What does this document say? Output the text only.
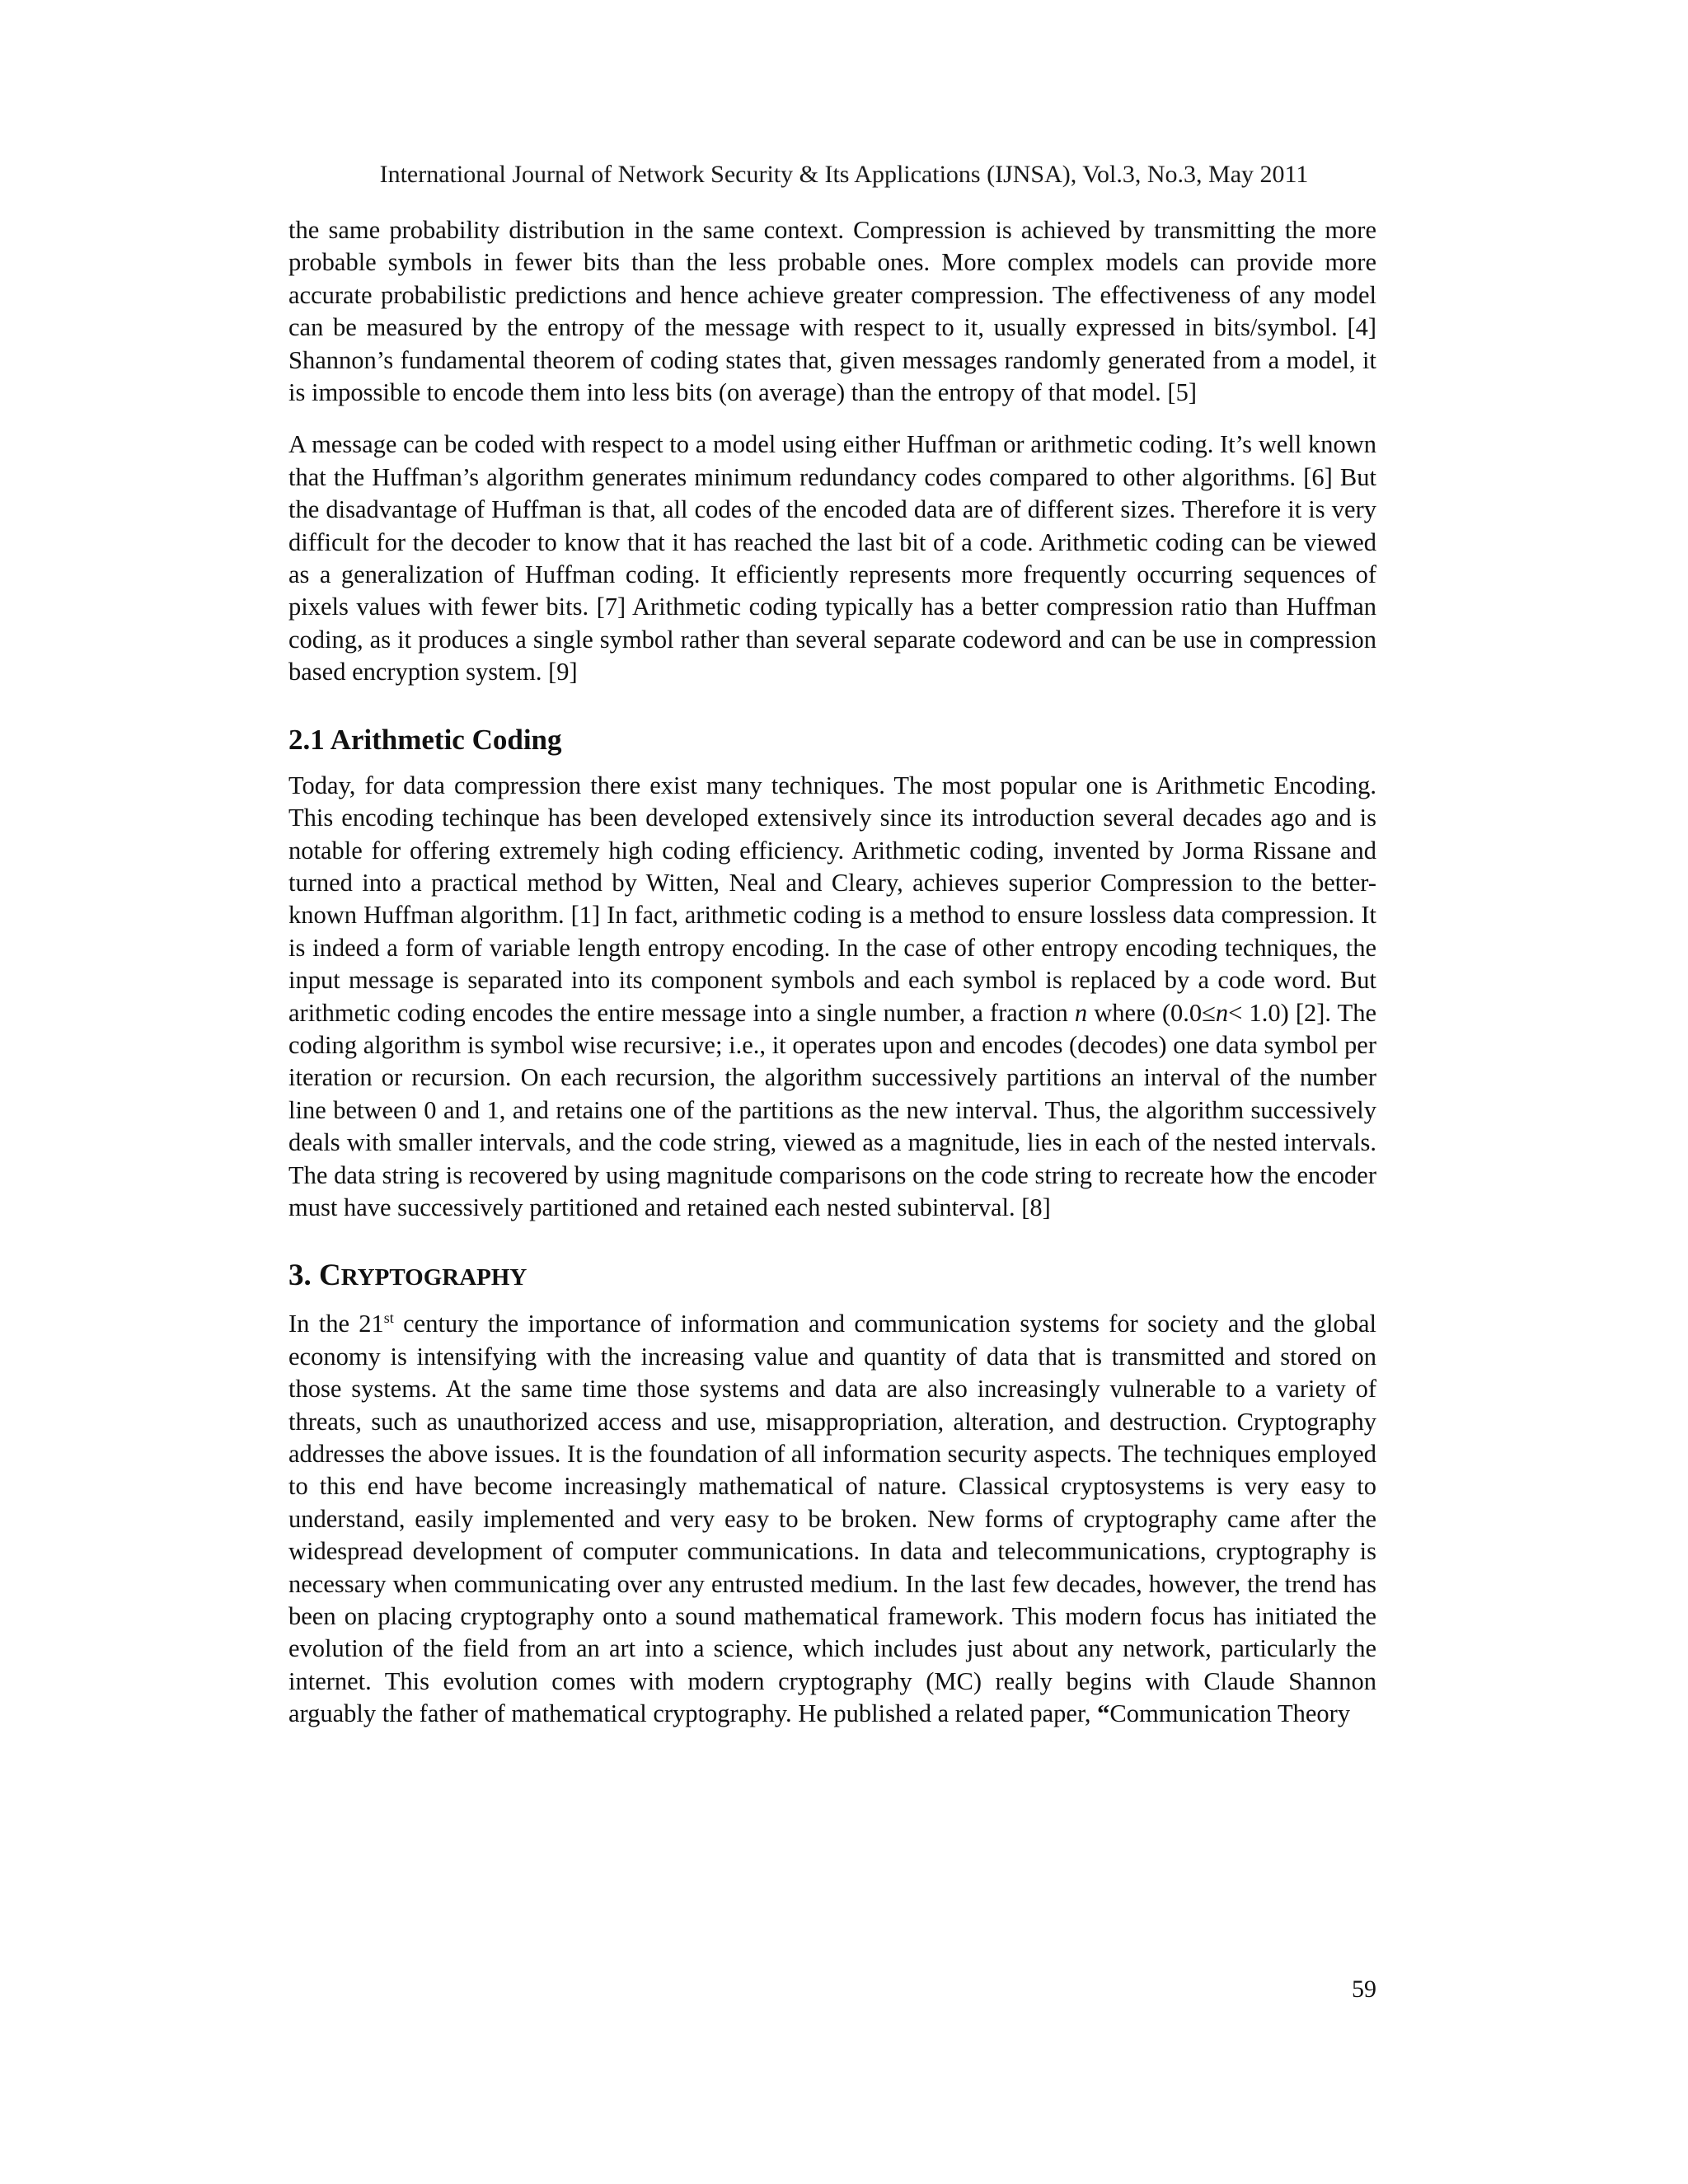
International Journal of Network Security & Its Applications (IJNSA), Vol.3, No.3, May 2011

the same probability distribution in the same context. Compression is achieved by transmitting the more probable symbols in fewer bits than the less probable ones. More complex models can provide more accurate probabilistic predictions and hence achieve greater compression. The effectiveness of any model can be measured by the entropy of the message with respect to it, usually expressed in bits/symbol. [4] Shannon’s fundamental theorem of coding states that, given messages randomly generated from a model, it is impossible to encode them into less bits (on average) than the entropy of that model. [5]

A message can be coded with respect to a model using either Huffman or arithmetic coding. It’s well known that the Huffman’s algorithm generates minimum redundancy codes compared to other algorithms. [6] But the disadvantage of Huffman is that, all codes of the encoded data are of different sizes. Therefore it is very difficult for the decoder to know that it has reached the last bit of a code. Arithmetic coding can be viewed as a generalization of Huffman coding. It efficiently represents more frequently occurring sequences of pixels values with fewer bits. [7] Arithmetic coding typically has a better compression ratio than Huffman coding, as it produces a single symbol rather than several separate codeword and can be use in compression based encryption system. [9]

2.1 Arithmetic Coding

Today, for data compression there exist many techniques. The most popular one is Arithmetic Encoding. This encoding techinque has been developed extensively since its introduction several decades ago and is notable for offering extremely high coding efficiency. Arithmetic coding, invented by Jorma Rissane and turned into a practical method by Witten, Neal and Cleary, achieves superior Compression to the better-known Huffman algorithm. [1] In fact, arithmetic coding is a method to ensure lossless data compression. It is indeed a form of variable length entropy encoding. In the case of other entropy encoding techniques, the input message is separated into its component symbols and each symbol is replaced by a code word. But arithmetic coding encodes the entire message into a single number, a fraction n where (0.0≤n< 1.0) [2]. The coding algorithm is symbol wise recursive; i.e., it operates upon and encodes (decodes) one data symbol per iteration or recursion. On each recursion, the algorithm successively partitions an interval of the number line between 0 and 1, and retains one of the partitions as the new interval. Thus, the algorithm successively deals with smaller intervals, and the code string, viewed as a magnitude, lies in each of the nested intervals. The data string is recovered by using magnitude comparisons on the code string to recreate how the encoder must have successively partitioned and retained each nested subinterval. [8]

3. CRYPTOGRAPHY

In the 21st century the importance of information and communication systems for society and the global economy is intensifying with the increasing value and quantity of data that is transmitted and stored on those systems. At the same time those systems and data are also increasingly vulnerable to a variety of threats, such as unauthorized access and use, misappropriation, alteration, and destruction. Cryptography addresses the above issues. It is the foundation of all information security aspects. The techniques employed to this end have become increasingly mathematical of nature. Classical cryptosystems is very easy to understand, easily implemented and very easy to be broken. New forms of cryptography came after the widespread development of computer communications. In data and telecommunications, cryptography is necessary when communicating over any entrusted medium. In the last few decades, however, the trend has been on placing cryptography onto a sound mathematical framework. This modern focus has initiated the evolution of the field from an art into a science, which includes just about any network, particularly the internet. This evolution comes with modern cryptography (MC) really begins with Claude Shannon arguably the father of mathematical cryptography. He published a related paper, “Communication Theory

59
